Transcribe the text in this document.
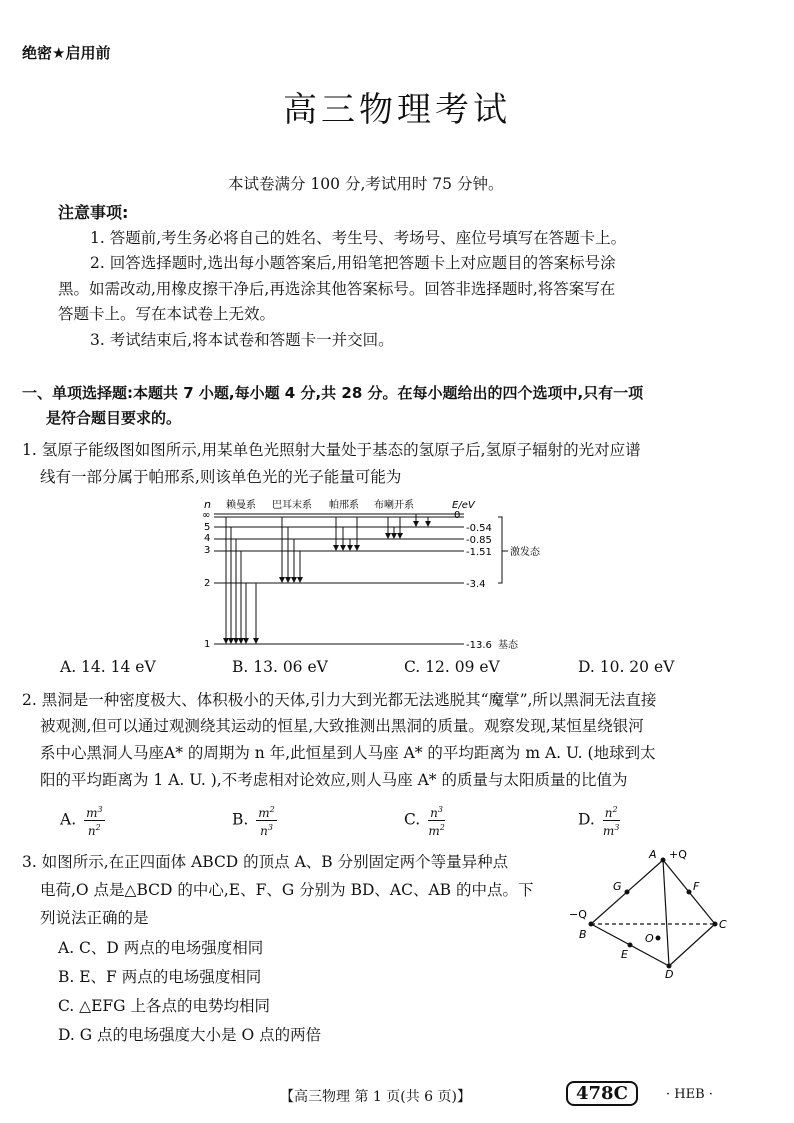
绝密★启用前
高三物理考试
本试卷满分 100 分,考试用时 75 分钟。
注意事项:
1. 答题前,考生务必将自己的姓名、考生号、考场号、座位号填写在答题卡上。
2. 回答选择题时,选出每小题答案后,用铅笔把答题卡上对应题目的答案标号涂
黑。如需改动,用橡皮擦干净后,再选涂其他答案标号。回答非选择题时,将答案写在
答题卡上。写在本试卷上无效。
3. 考试结束后,将本试卷和答题卡一并交回。
一、单项选择题:本题共 7 小题,每小题 4 分,共 28 分。在每小题给出的四个选项中,只有一项
是符合题目要求的。
1. 氢原子能级图如图所示,用某单色光照射大量处于基态的氢原子后,氢原子辐射的光对应谱
线有一部分属于帕邢系,则该单色光的光子能量可能为
n 赖曼系 巴耳末系 帕邢系 布喇开系	E/eV
∞
5
4
3
2
1
0
-0.54
-0.85
-1.51
-3.4
-13.6 基态
激发态
A. 14. 14 eV	B. 13. 06 eV	C. 12. 09 eV	D. 10. 20 eV
2. 黑洞是一种密度极大、体积极小的天体,引力大到光都无法逃脱其“魔掌”,所以黑洞无法直接
被观测,但可以通过观测绕其运动的恒星,大致推测出黑洞的质量。观察发现,某恒星绕银河
系中心黑洞人马座A* 的周期为 n 年,此恒星到人马座 A* 的平均距离为 m A. U. (地球到太
阳的平均距离为 1 A. U. ),不考虑相对论效应,则人马座 A* 的质量与太阳质量的比值为
A. $\frac{m^3}{n^2}$	B. $\frac{m^2}{n^3}$	C. $\frac{n^3}{m^2}$	D. $\frac{n^2}{m^3}$
3. 如图所示,在正四面体 ABCD 的顶点 A、B 分别固定两个等量异种点
电荷,O 点是△BCD 的中心,E、F、G 分别为 BD、AC、AB 的中点。下
列说法正确的是
A. C、D 两点的电场强度相同
B. E、F 两点的电场强度相同
C. △EFG 上各点的电势均相同
D. G 点的电场强度大小是 O 点的两倍
A +Q
B
−Q
C
D
E
F
G
O
【高三物理 第 1 页(共 6 页)】	478C	· HEB ·
